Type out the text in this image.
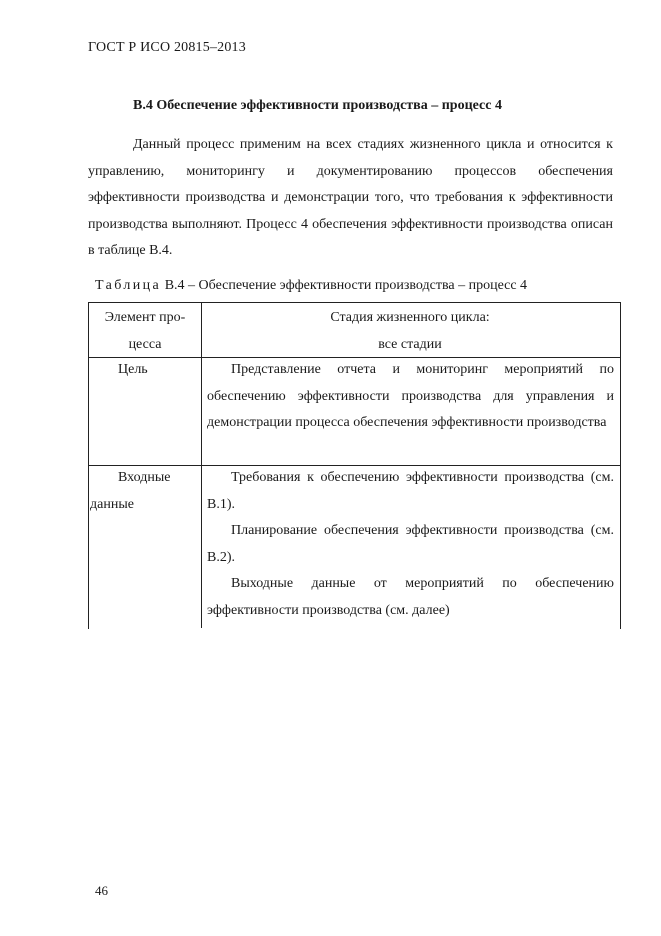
ГОСТ Р ИСО 20815–2013
В.4 Обеспечение эффективности производства – процесс 4
Данный процесс применим на всех стадиях жизненного цикла и относится к управлению, мониторингу и документированию процессов обеспечения эффективности производства и демонстрации того, что требования к эффективности производства выполняют. Процесс 4 обеспечения эффективности производства описан в таблице В.4.
Таблица В.4 – Обеспечение эффективности производства – процесс 4
Элемент про-
цесса
Стадия жизненного цикла:
все стадии
Цель	Представление отчета и мониторинг мероприятий по обеспечению эффективности производства для управления и демонстрации процесса обеспечения эффективности производства

Входные
данные

Требования к обеспечению эффективности производства (см. В.1).

Планирование обеспечения эффективности производства (см. В.2).

Выходные данные от мероприятий по обеспечению эффективности производства (см. далее)

46
